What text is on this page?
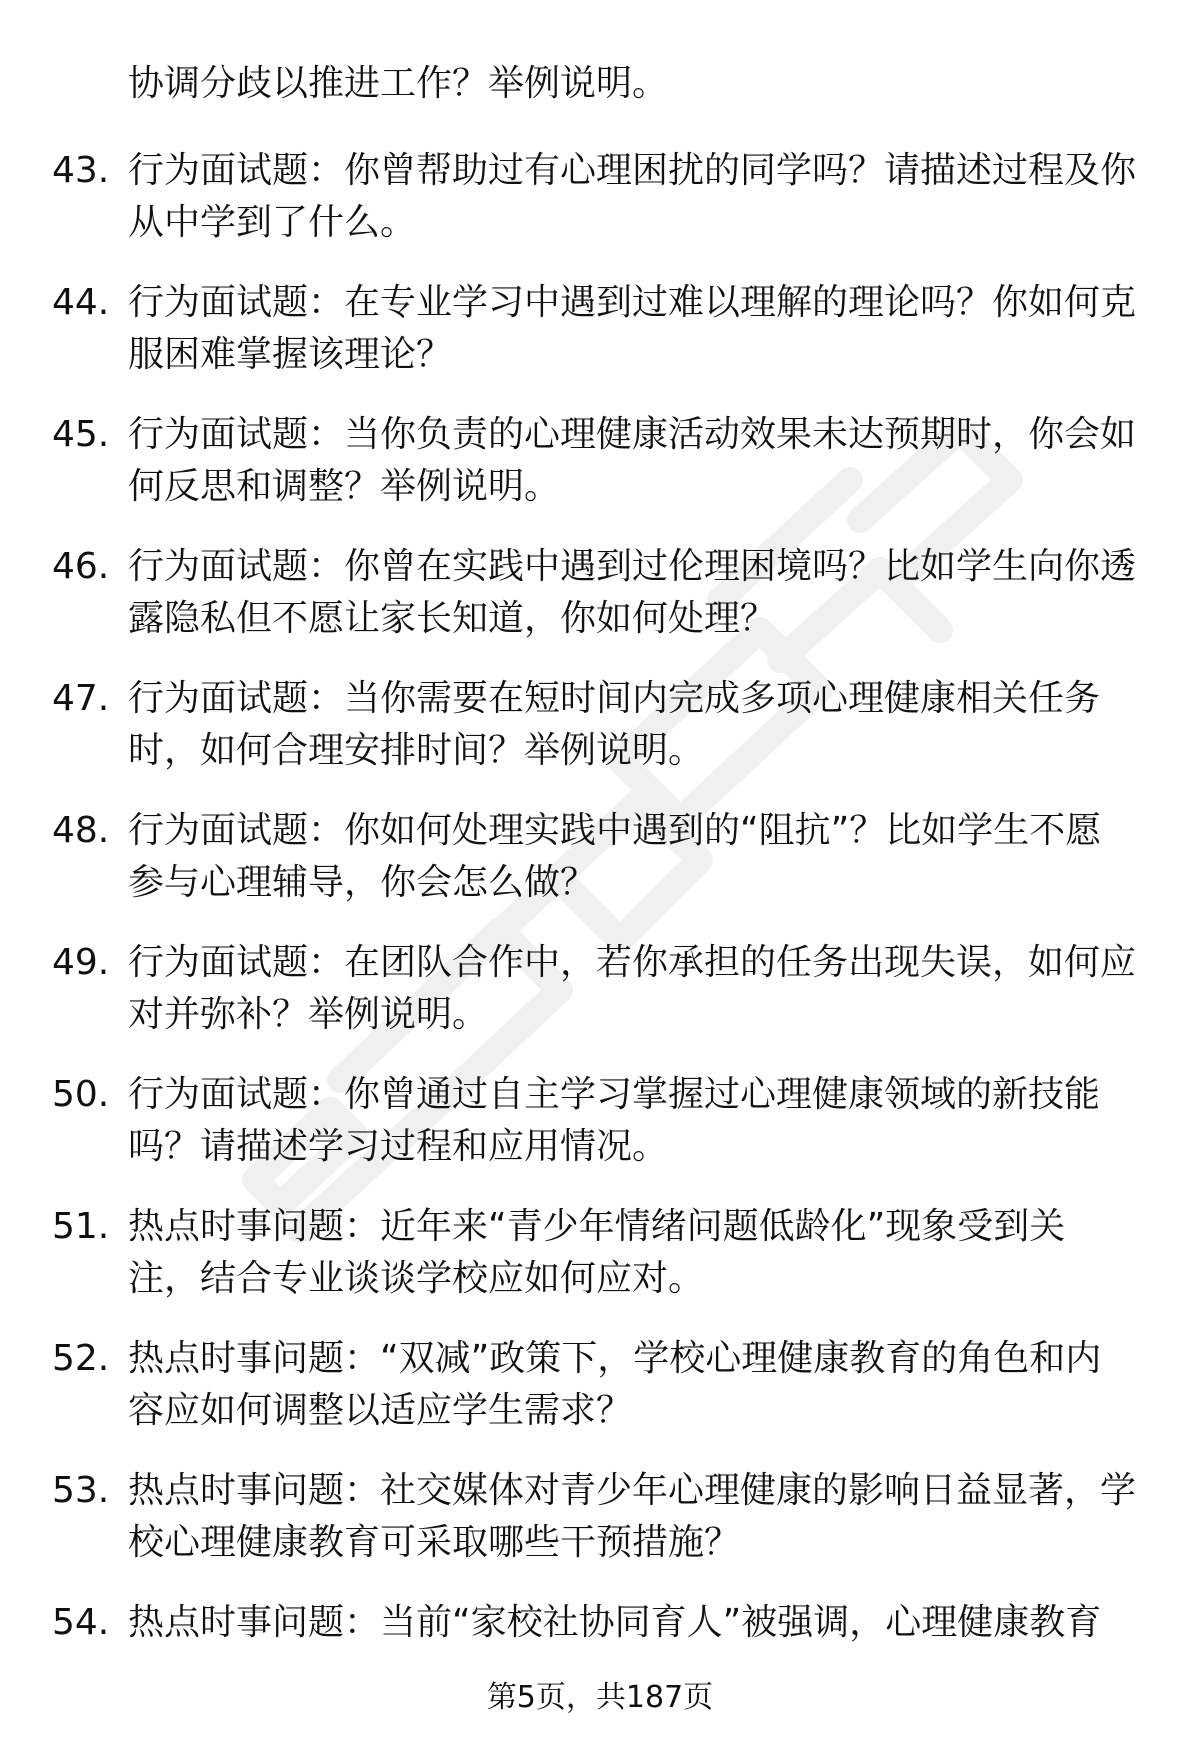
协调分歧以推进工作？举例说明。
43. 行为面试题：你曾帮助过有心理困扰的同学吗？请描述过程及你
从中学到了什么。
44. 行为面试题：在专业学习中遇到过难以理解的理论吗？你如何克
服困难掌握该理论？
45. 行为面试题：当你负责的心理健康活动效果未达预期时，你会如
何反思和调整？举例说明。
46. 行为面试题：你曾在实践中遇到过伦理困境吗？比如学生向你透
露隐私但不愿让家长知道，你如何处理？
47. 行为面试题：当你需要在短时间内完成多项心理健康相关任务
时，如何合理安排时间？举例说明。
48. 行为面试题：你如何处理实践中遇到的“阻抗”？比如学生不愿
参与心理辅导，你会怎么做？
49. 行为面试题：在团队合作中，若你承担的任务出现失误，如何应
对并弥补？举例说明。
50. 行为面试题：你曾通过自主学习掌握过心理健康领域的新技能
吗？请描述学习过程和应用情况。
51. 热点时事问题：近年来“青少年情绪问题低龄化”现象受到关
注，结合专业谈谈学校应如何应对。
52. 热点时事问题：“双减”政策下，学校心理健康教育的角色和内
容应如何调整以适应学生需求？
53. 热点时事问题：社交媒体对青少年心理健康的影响日益显著，学
校心理健康教育可采取哪些干预措施？
54. 热点时事问题：当前“家校社协同育人”被强调，心理健康教育
第5页，共187页
